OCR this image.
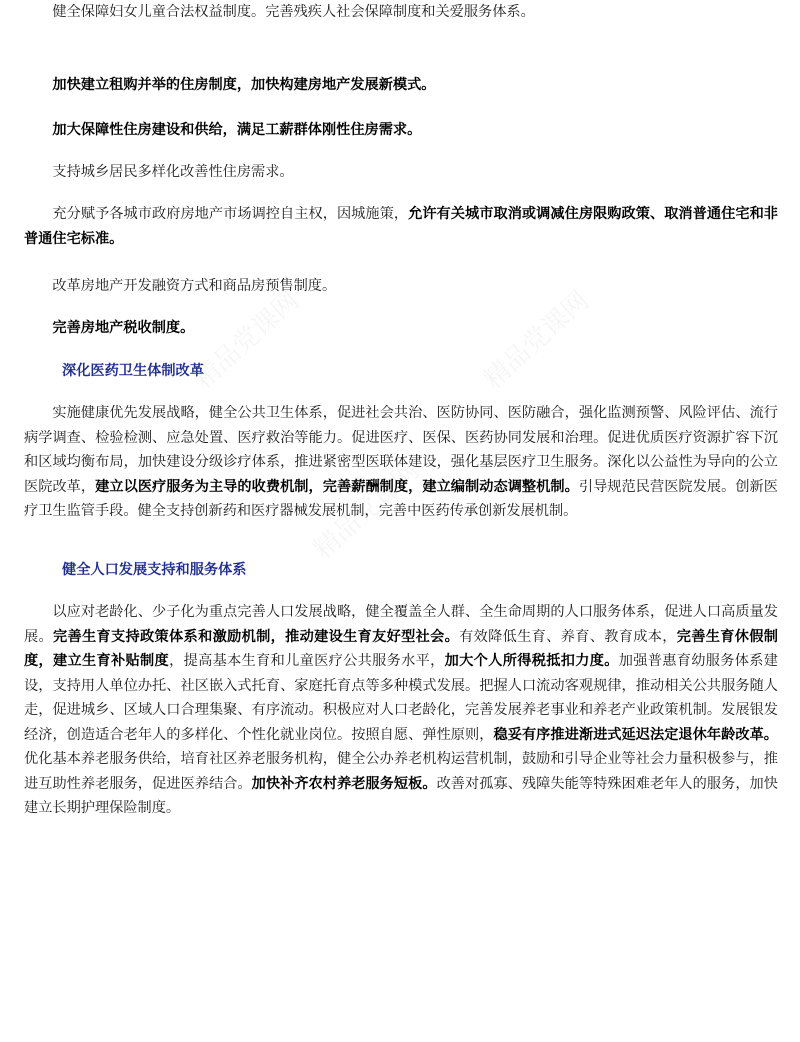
精品党课网	精品党课网
精品党课网

健全保障妇女儿童合法权益制度。完善残疾人社会保障制度和关爱服务体系。

加快建立租购并举的住房制度，加快构建房地产发展新模式。

加大保障性住房建设和供给，满足工薪群体刚性住房需求。

支持城乡居民多样化改善性住房需求。

充分赋予各城市政府房地产市场调控自主权，因城施策，允许有关城市取消或调减住房限购政策、取消普通住宅和非普通住宅标准。

改革房地产开发融资方式和商品房预售制度。

完善房地产税收制度。

深化医药卫生体制改革

实施健康优先发展战略，健全公共卫生体系，促进社会共治、医防协同、医防融合，强化监测预警、风险评估、流行病学调查、检验检测、应急处置、医疗救治等能力。促进医疗、医保、医药协同发展和治理。促进优质医疗资源扩容下沉和区域均衡布局，加快建设分级诊疗体系，推进紧密型医联体建设，强化基层医疗卫生服务。深化以公益性为导向的公立医院改革，建立以医疗服务为主导的收费机制，完善薪酬制度，建立编制动态调整机制。引导规范民营医院发展。创新医疗卫生监管手段。健全支持创新药和医疗器械发展机制，完善中医药传承创新发展机制。

健全人口发展支持和服务体系

以应对老龄化、少子化为重点完善人口发展战略，健全覆盖全人群、全生命周期的人口服务体系，促进人口高质量发展。完善生育支持政策体系和激励机制，推动建设生育友好型社会。有效降低生育、养育、教育成本，完善生育休假制度，建立生育补贴制度，提高基本生育和儿童医疗公共服务水平，加大个人所得税抵扣力度。加强普惠育幼服务体系建设，支持用人单位办托、社区嵌入式托育、家庭托育点等多种模式发展。把握人口流动客观规律，推动相关公共服务随人走，促进城乡、区域人口合理集聚、有序流动。积极应对人口老龄化，完善发展养老事业和养老产业政策机制。发展银发经济，创造适合老年人的多样化、个性化就业岗位。按照自愿、弹性原则，稳妥有序推进渐进式延迟法定退休年龄改革。优化基本养老服务供给，培育社区养老服务机构，健全公办养老机构运营机制，鼓励和引导企业等社会力量积极参与，推进互助性养老服务，促进医养结合。加快补齐农村养老服务短板。改善对孤寡、残障失能等特殊困难老年人的服务，加快建立长期护理保险制度。
